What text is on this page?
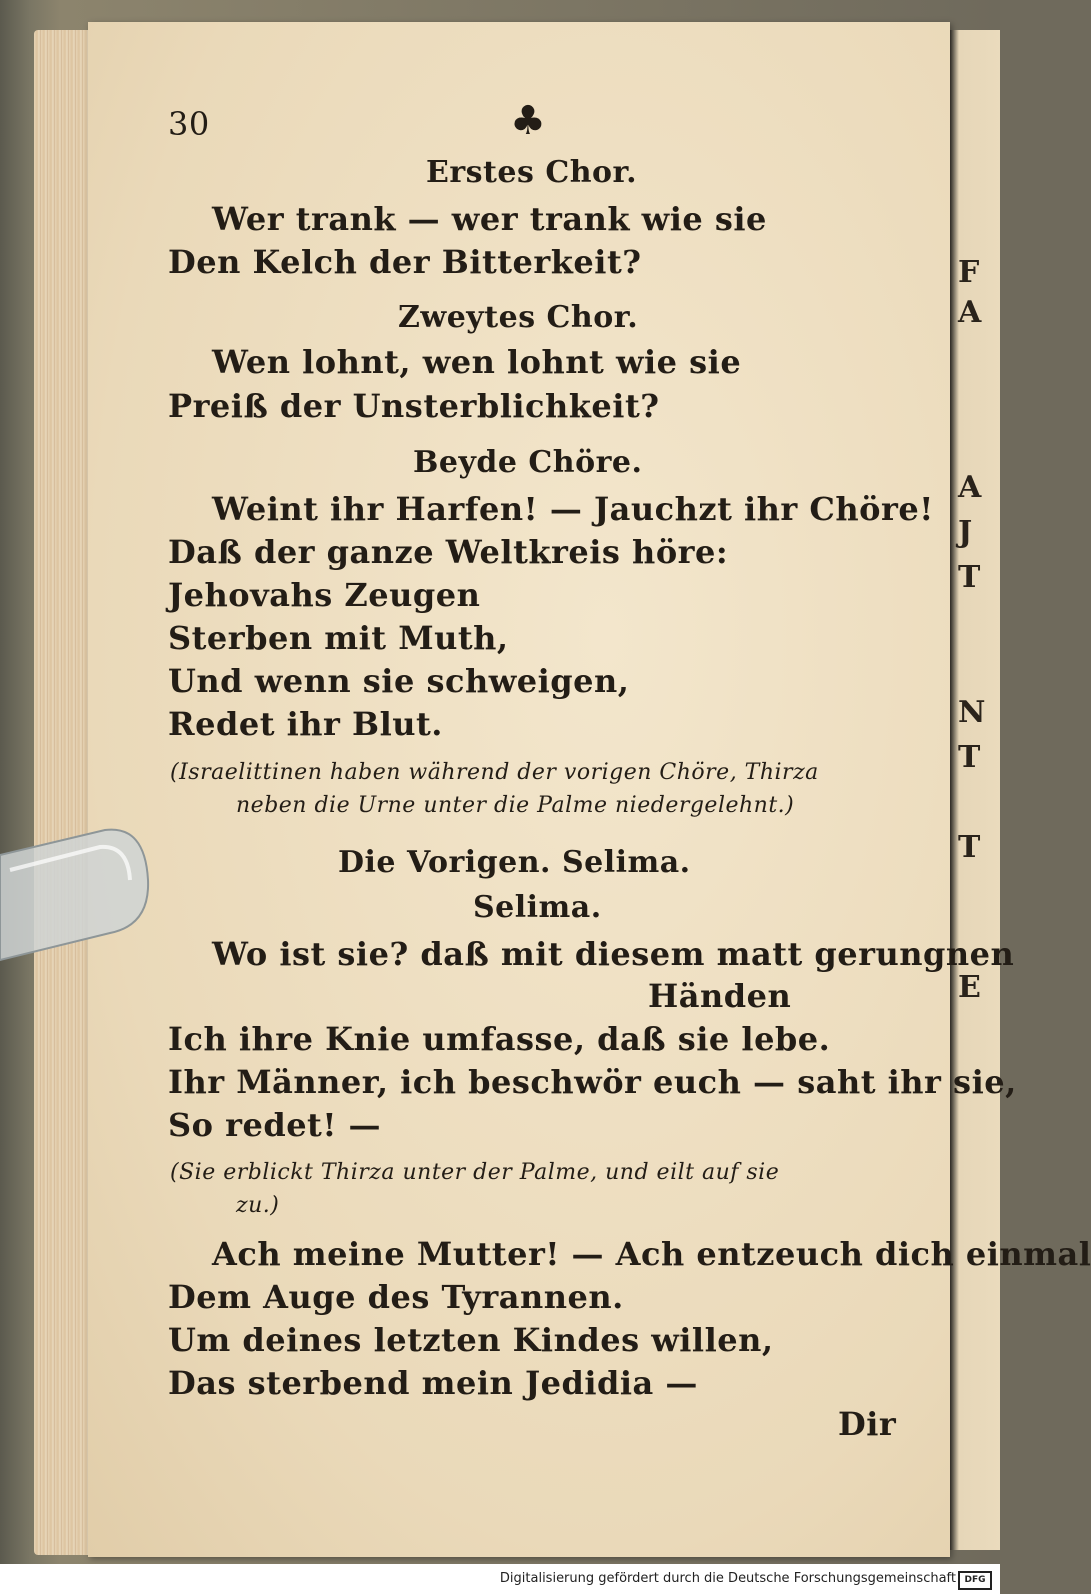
F
A
A
J
T
N
T
T
E
30	♣
Erstes Chor.
Wer trank — wer trank wie sie
Den Kelch der Bitterkeit?
Zweytes Chor.
Wen lohnt, wen lohnt wie sie
Preiß der Unsterblichkeit?
Beyde Chöre.
Weint ihr Harfen! — Jauchzt ihr Chöre!
Daß der ganze Weltkreis höre:
Jehovahs Zeugen
Sterben mit Muth,
Und wenn sie schweigen,
Redet ihr Blut.
(Israelittinen haben während der vorigen Chöre, Thirza
neben die Urne unter die Palme niedergelehnt.)
Die Vorigen. Selima.
Selima.
Wo ist sie? daß mit diesem matt gerungnen
Händen
Ich ihre Knie umfasse, daß sie lebe.
Ihr Männer, ich beschwör euch — saht ihr sie,
So redet! —
(Sie erblickt Thirza unter der Palme, und eilt auf sie
zu.)
Ach meine Mutter! — Ach entzeuch dich einmal
Dem Auge des Tyrannen.
Um deines letzten Kindes willen,
Das sterbend mein Jedidia —
Dir
Digitalisierung gefördert durch die Deutsche Forschungsgemeinschaft DFG
